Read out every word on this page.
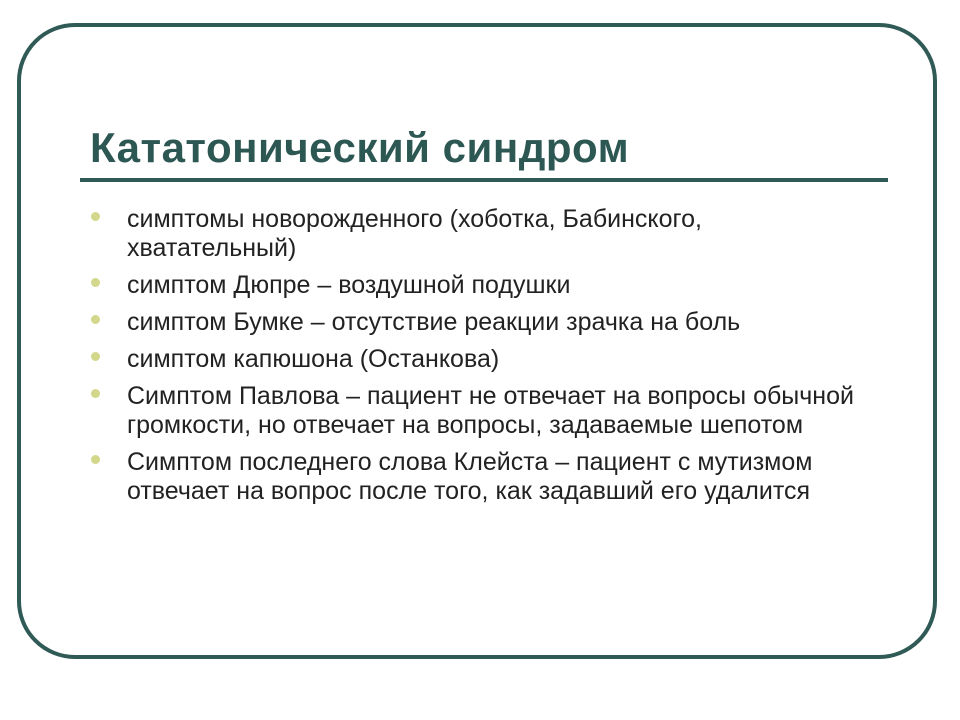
Кататонический синдром
симптомы новорожденного (хоботка, Бабинского, хватательный)
симптом Дюпре – воздушной подушки
симптом Бумке – отсутствие реакции зрачка на боль
симптом капюшона (Останкова)
Симптом Павлова – пациент не отвечает на вопросы обычной громкости, но отвечает на вопросы, задаваемые шепотом
Симптом последнего слова Клейста – пациент с мутизмом отвечает на вопрос после того, как задавший его удалится
